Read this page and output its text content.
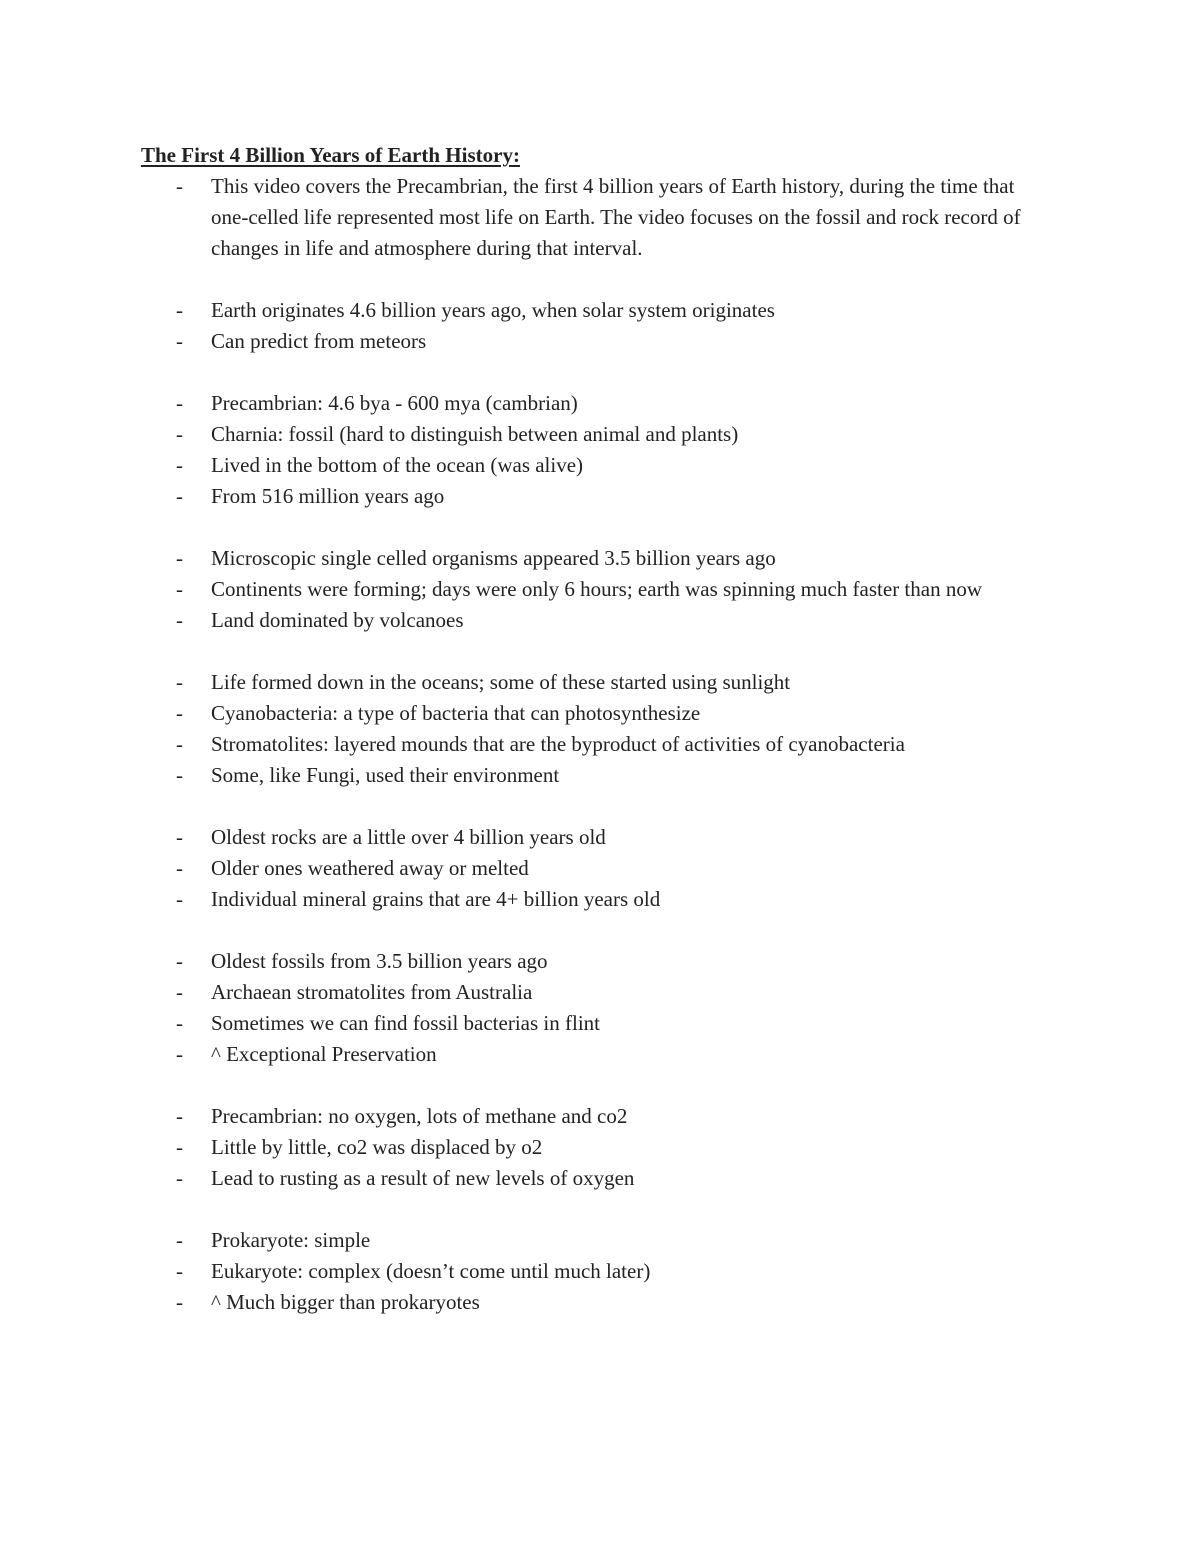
The First 4 Billion Years of Earth History:
- This video covers the Precambrian, the first 4 billion years of Earth history, during the time that one-celled life represented most life on Earth. The video focuses on the fossil and rock record of changes in life and atmosphere during that interval.
- Earth originates 4.6 billion years ago, when solar system originates
- Can predict from meteors
- Precambrian: 4.6 bya - 600 mya (cambrian)
- Charnia: fossil (hard to distinguish between animal and plants)
- Lived in the bottom of the ocean (was alive)
- From 516 million years ago
- Microscopic single celled organisms appeared 3.5 billion years ago
- Continents were forming; days were only 6 hours; earth was spinning much faster than now
- Land dominated by volcanoes
- Life formed down in the oceans; some of these started using sunlight
- Cyanobacteria: a type of bacteria that can photosynthesize
- Stromatolites: layered mounds that are the byproduct of activities of cyanobacteria
- Some, like Fungi, used their environment
- Oldest rocks are a little over 4 billion years old
- Older ones weathered away or melted
- Individual mineral grains that are 4+ billion years old
- Oldest fossils from 3.5 billion years ago
- Archaean stromatolites from Australia
- Sometimes we can find fossil bacterias in flint
- ^ Exceptional Preservation
- Precambrian: no oxygen, lots of methane and co2
- Little by little, co2 was displaced by o2
- Lead to rusting as a result of new levels of oxygen
- Prokaryote: simple
- Eukaryote: complex (doesn’t come until much later)
- ^ Much bigger than prokaryotes
